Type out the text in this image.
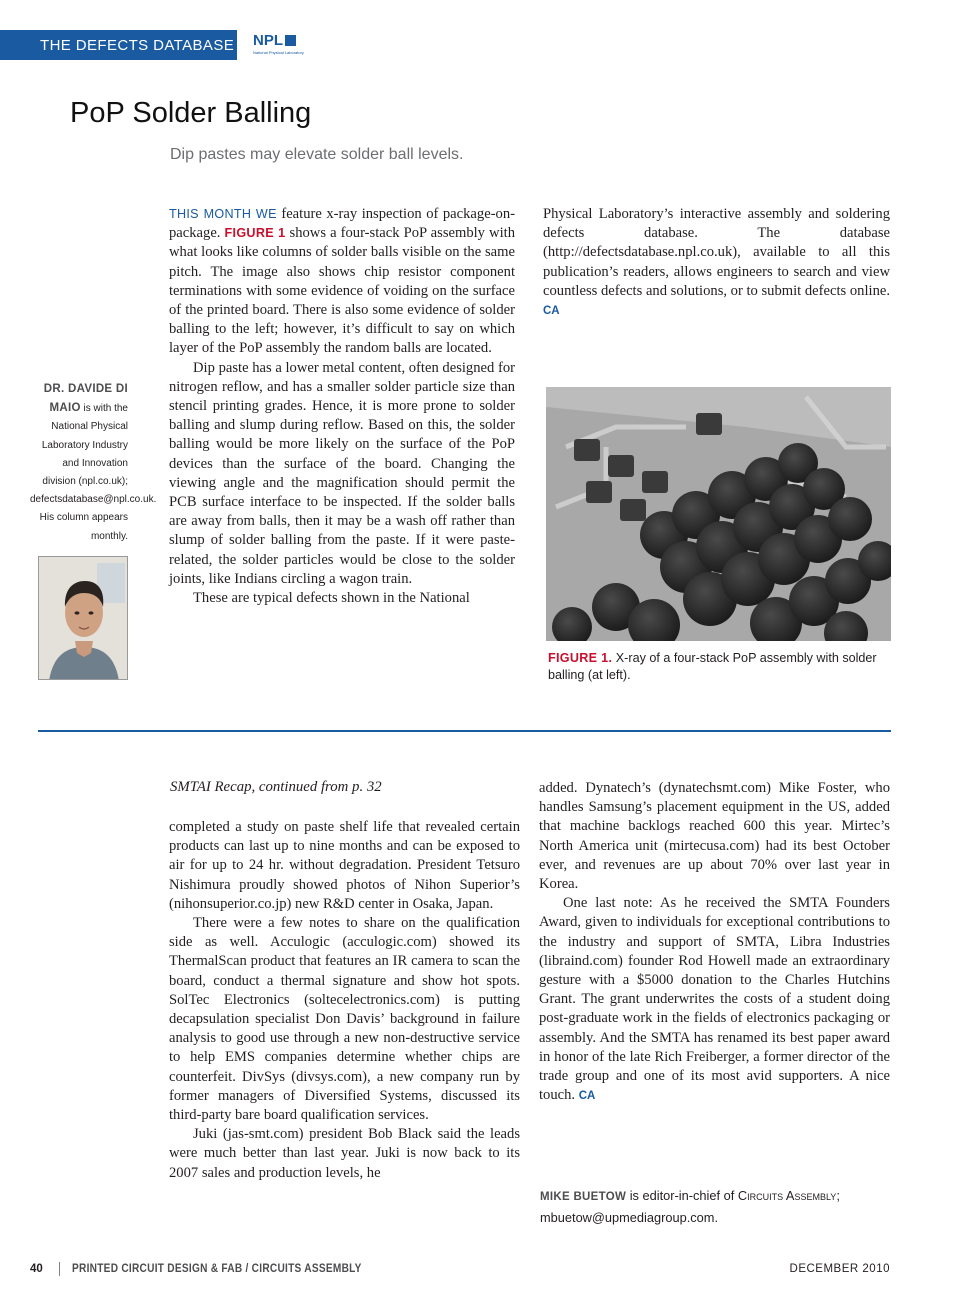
THE DEFECTS DATABASE NPL
National Physical Laboratory
PoP Solder Balling
Dip pastes may elevate solder ball levels.
DR. DAVIDE DI MAIO is with the National Physical Laboratory Industry and Innovation division (npl.co.uk); defectsdatabase@npl.co.uk. His column appears monthly.

THIS MONTH WE feature x-ray inspection of package-on-package. FIGURE 1 shows a four-stack PoP assembly with what looks like columns of solder balls visible on the same pitch. The image also shows chip resistor component terminations with some evidence of voiding on the surface of the printed board. There is also some evidence of solder balling to the left; however, it’s difficult to say on which layer of the PoP assembly the random balls are located.

Dip paste has a lower metal content, often designed for nitrogen reflow, and has a smaller solder particle size than stencil printing grades. Hence, it is more prone to solder balling and slump during reflow. Based on this, the solder balling would be more likely on the surface of the PoP devices than the surface of the board. Changing the viewing angle and the magnification should permit the PCB surface interface to be inspected. If the solder balls are away from balls, then it may be a wash off rather than slump of solder balling from the paste. If it were paste-related, the solder particles would be close to the solder joints, like Indians circling a wagon train.

These are typical defects shown in the National

Physical Laboratory’s interactive assembly and soldering defects database. The database (http://defectsdatabase.npl.co.uk), available to all this publication’s readers, allows engineers to search and view countless defects and solutions, or to submit defects online. CA

FIGURE 1. X-ray of a four-stack PoP assembly with solder balling (at left).
SMTAI Recap, continued from p. 32

completed a study on paste shelf life that revealed certain products can last up to nine months and can be exposed to air for up to 24 hr. without degradation. President Tetsuro Nishimura proudly showed photos of Nihon Superior’s (nihonsuperior.co.jp) new R&D center in Osaka, Japan.

There were a few notes to share on the qualification side as well. Acculogic (acculogic.com) showed its ThermalScan product that features an IR camera to scan the board, conduct a thermal signature and show hot spots. SolTec Electronics (soltecelectronics.com) is putting decapsulation specialist Don Davis’ background in failure analysis to good use through a new non-destructive service to help EMS companies determine whether chips are counterfeit. DivSys (divsys.com), a new company run by former managers of Diversified Systems, discussed its third-party bare board qualification services.

Juki (jas-smt.com) president Bob Black said the leads were much better than last year. Juki is now back to its 2007 sales and production levels, he

added. Dynatech’s (dynatechsmt.com) Mike Foster, who handles Samsung’s placement equipment in the US, added that machine backlogs reached 600 this year. Mirtec’s North America unit (mirtecusa.com) had its best October ever, and revenues are up about 70% over last year in Korea.

One last note: As he received the SMTA Founders Award, given to individuals for exceptional contributions to the industry and support of SMTA, Libra Industries (libraind.com) founder Rod Howell made an extraordinary gesture with a $5000 donation to the Charles Hutchins Grant. The grant underwrites the costs of a student doing post-graduate work in the fields of electronics packaging or assembly. And the SMTA has renamed its best paper award in honor of the late Rich Freiberger, a former director of the trade group and one of its most avid supporters. A nice touch. CA

MIKE BUETOW is editor-in-chief of Circuits Assembly; mbuetow@upmediagroup.com.
40	PRINTED CIRCUIT DESIGN & FAB / CIRCUITS ASSEMBLY	DECEMBER 2010
